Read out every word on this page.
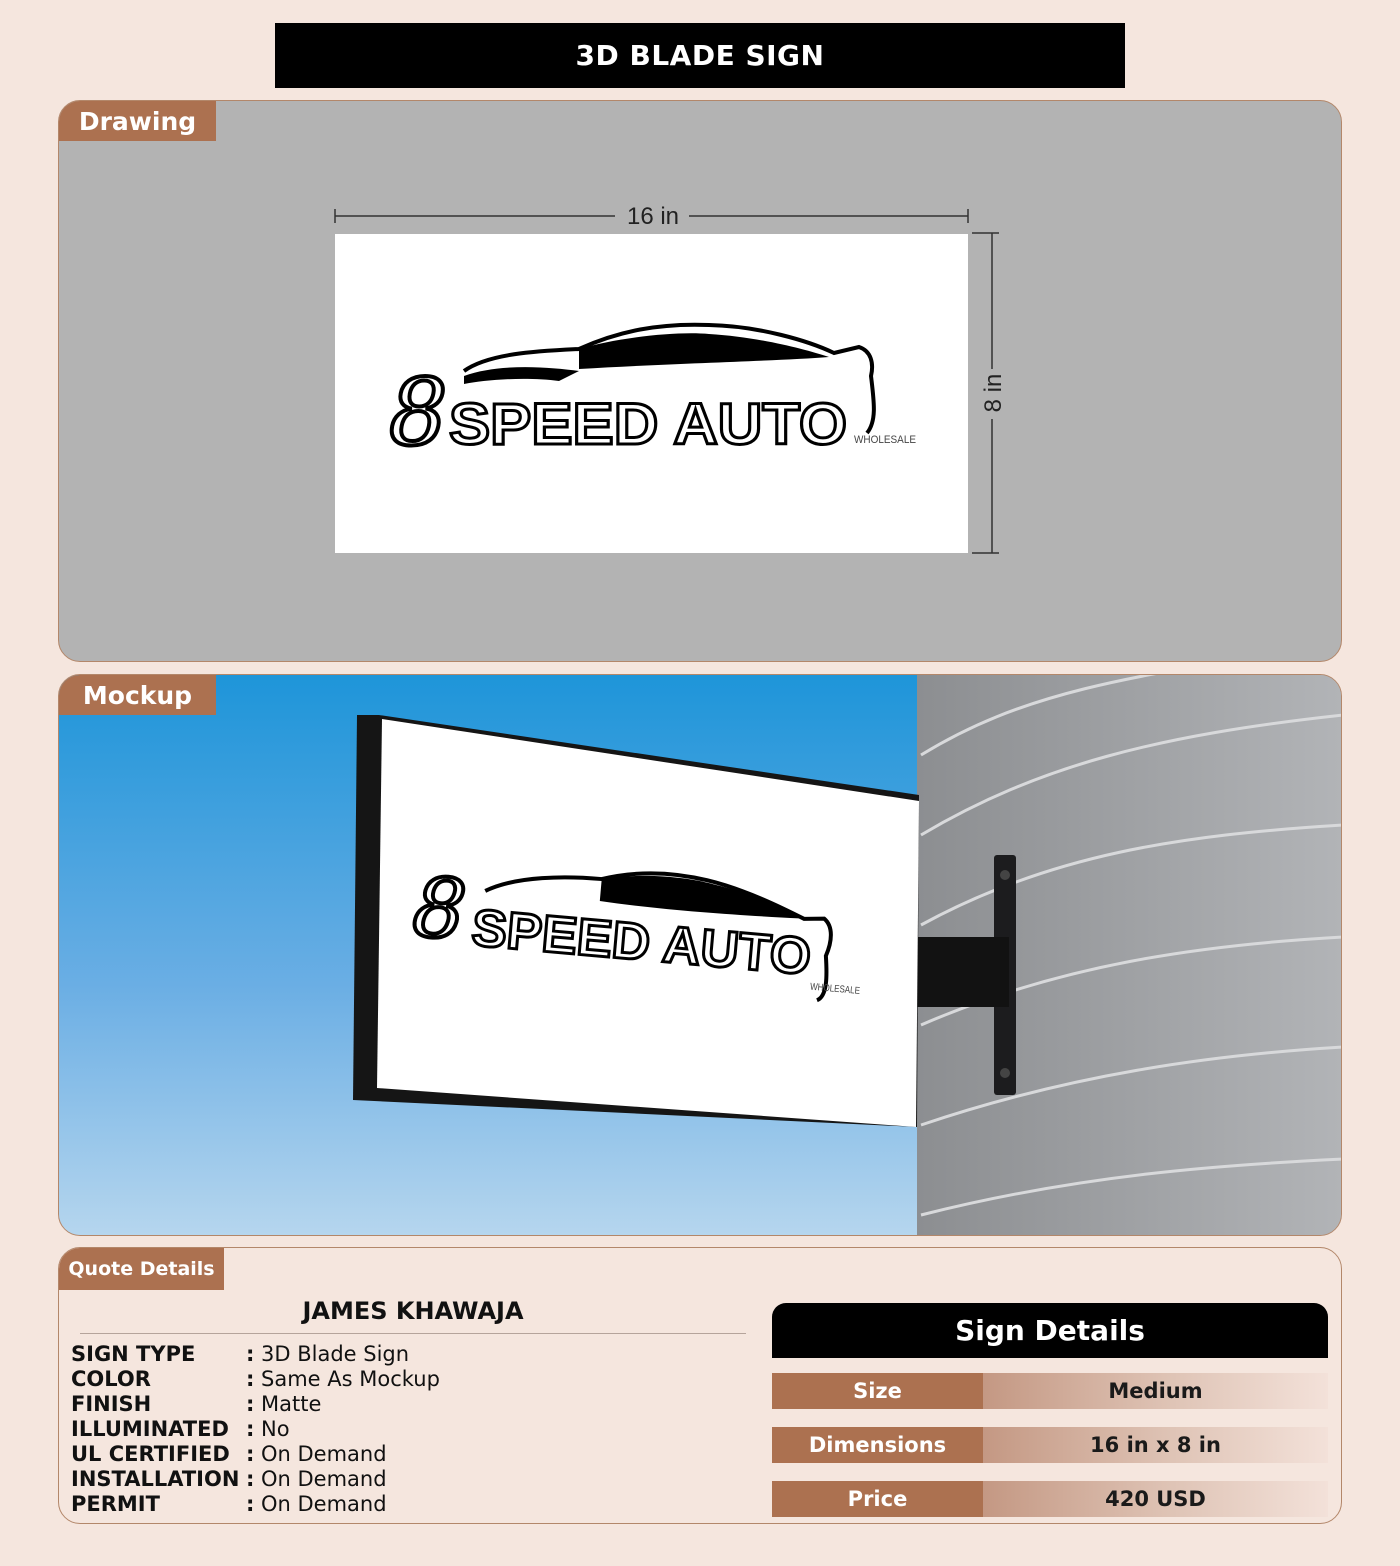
3D BLADE SIGN
Drawing
16 in
8 in
8 SPEED AUTO WHOLESALE
Mockup
8 SPEED AUTO
WHOLESALE
Quote Details
JAMES KHAWAJA
SIGN TYPE	: 3D Blade Sign
COLOR	: Same As Mockup
FINISH	: Matte
ILLUMINATED : No
UL CERTIFIED : On Demand
INSTALLATION : On Demand
PERMIT	: On Demand
Sign Details
Size	Medium
Dimensions	16 in x 8 in
Price	420 USD
